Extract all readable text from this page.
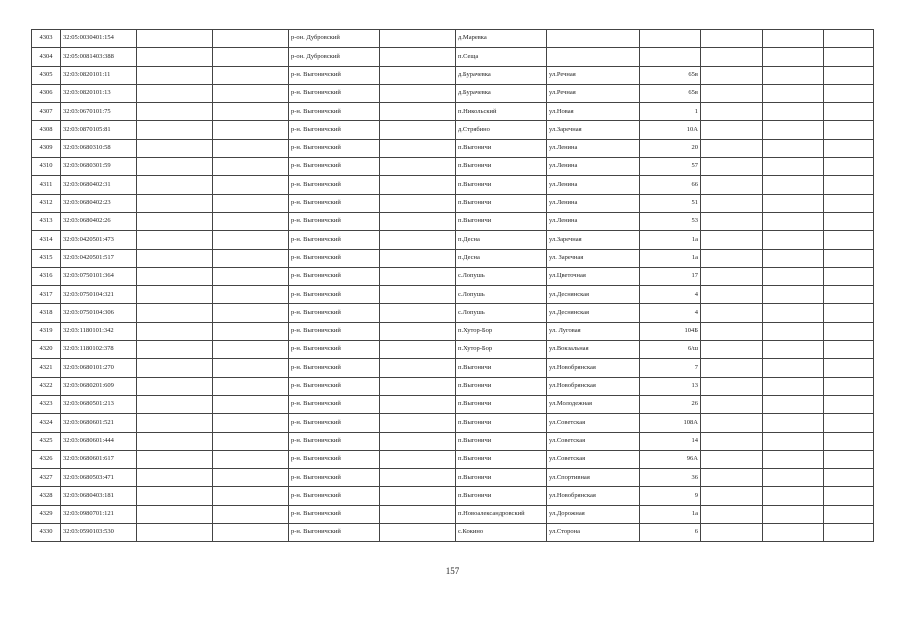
4303	32:05:0030401:154			р-он. Дубровский		д.Маревка					
4304	32:05:0081403:388			р-он. Дубровский		п.Сеща					
4305	32:03:0820101:11			р-н. Выгоничский		д.Бурачевка	ул.Речная	65в			
4306	32:03:0820101:13			р-н. Выгоничский		д.Бурачевка	ул.Речная	65в			
4307	32:03:0670101:75			р-н. Выгоничский		п.Никольский	ул.Новая	1			
4308	32:03:0870105:81			р-н. Выгоничский		д.Стрябино	ул.Заречная	10А			
4309	32:03:0680310:58			р-н. Выгоничский		п.Выгоничи	ул.Ленина	20			
4310	32:03:0680301:59			р-н. Выгоничский		п.Выгоничи	ул.Ленина	57			
4311	32:03:0680402:31			р-н. Выгоничский		п.Выгоничи	ул.Ленина	66			
4312	32:03:0680402:23			р-н. Выгоничский		п.Выгоничи	ул.Ленина	51			
4313	32:03:0680402:26			р-н. Выгоничский		п.Выгоничи	ул.Ленина	53			
4314	32:03:0420501:473			р-н. Выгоничский		п.Десна	ул.Заречная	1а			
4315	32:03:0420501:517			р-н. Выгоничский		п.Десна	ул. Заречная	1а			
4316	32:03:0750101:364			р-н. Выгоничский		с.Лопушь	ул.Цветочная	17			
4317	32:03:0750104:321			р-н. Выгоничский		с.Лопушь	ул.Деснянская	4			
4318	32:03:0750104:306			р-н. Выгоничский		с.Лопушь	ул.Деснянская	4			
4319	32:03:1180101:342			р-н. Выгоничский		п.Хутор-Бор	ул. Луговая	104Б			
4320	32:03:1180102:378			р-н. Выгоничский		п.Хутор-Бор	ул.Вокзальная	6/ш			
4321	32:03:0680101:270			р-н. Выгоничский		п.Выгоничи	ул.Новобрянская	7			
4322	32:03:0680201:609			р-н. Выгоничский		п.Выгоничи	ул.Новобрянская	13			
4323	32:03:0680501:213			р-н. Выгоничский		п.Выгоничи	ул.Молодежная	26			
4324	32:03:0680601:521			р-н. Выгоничский		п.Выгоничи	ул.Советская	108А			
4325	32:03:0680601:444			р-н. Выгоничский		п.Выгоничи	ул.Советская	14			
4326	32:03:0680601:617			р-н. Выгоничский		п.Выгоничи	ул.Советская	96А			
4327	32:03:0680503:471			р-н. Выгоничский		п.Выгоничи	ул.Спортивная	36			
4328	32:03:0680403:181			р-н. Выгоничский		п.Выгоничи	ул.Новобрянская	9			
4329	32:03:0980701:121			р-н. Выгоничский		п.Новоалександровский	ул.Дорожная	1а			
4330	32:03:0590103:530			р-н. Выгоничский		с.Кокино	ул.Сторона	6			
157
